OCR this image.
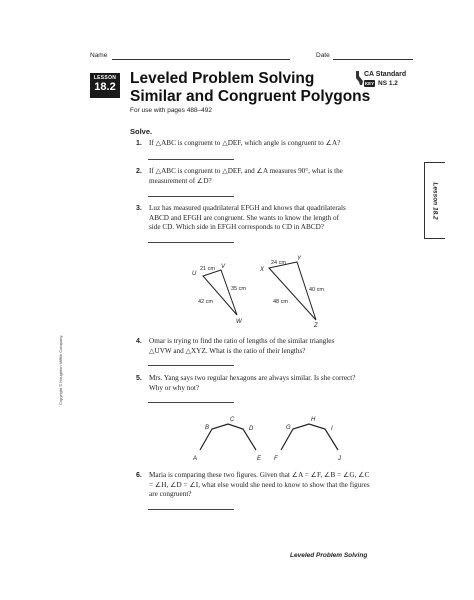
Name	Date
LESSON
18.2 Leveled Problem Solving
Similar and Congruent Polygons
For use with pages 488–492
CA Standard
KEY NS 1.2
Lesson 18.2
Copyright © Houghton Mifflin Company.
Solve.
1. If △ABC is congruent to △DEF, which angle is congruent to ∠A?
2. If △ABC is congruent to △DEF, and ∠A measures 90°, what is the
measurement of ∠D?
3. Luz has measured quadrilateral EFGH and knows that quadrilaterals
ABCD and EFGH are congruent. She wants to know the length of
side CD. Which side in EFGH corresponds to CD in ABCD?
U
V
W
21 cm
35 cm
42 cm
X
Y
Z
24 cm
40 cm
48 cm
4. Omar is trying to find the ratio of lengths of the similar triangles
△UVW and △XYZ. What is the ratio of their lengths?
5. Mrs. Yang says two regular hexagons are always similar. Is she correct?
Why or why not?
A
B
C
D
E F
G
H
I
J
6. Maria is comparing these two figures. Given that ∠A = ∠F, ∠B = ∠G, ∠C
= ∠H, ∠D = ∠I, what else would she need to know to show that the figures
are congruent?
Leveled Problem Solving
